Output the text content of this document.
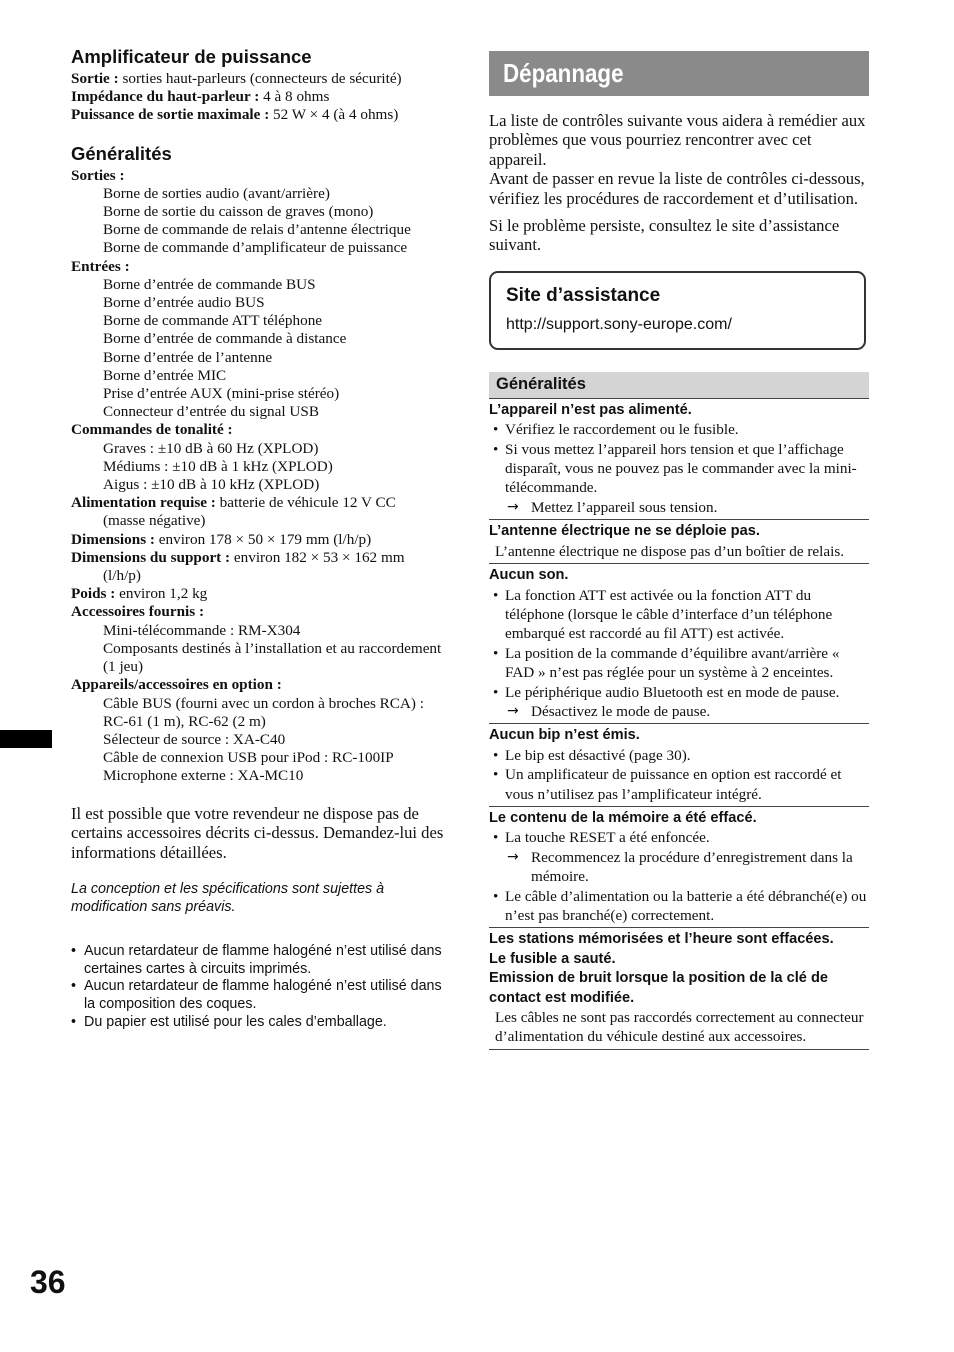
Amplificateur de puissance
Sortie : sorties haut-parleurs (connecteurs de sécurité)
Impédance du haut-parleur : 4 à 8 ohms
Puissance de sortie maximale : 52 W × 4 (à 4 ohms)
Généralités
Sorties :
Borne de sorties audio (avant/arrière)
Borne de sortie du caisson de graves (mono)
Borne de commande de relais d’antenne électrique
Borne de commande d’amplificateur de puissance
Entrées :
Borne d’entrée de commande BUS
Borne d’entrée audio BUS
Borne de commande ATT téléphone
Borne d’entrée de commande à distance
Borne d’entrée de l’antenne
Borne d’entrée MIC
Prise d’entrée AUX (mini-prise stéréo)
Connecteur d’entrée du signal USB
Commandes de tonalité :
Graves : ±10 dB à 60 Hz (XPLOD)
Médiums : ±10 dB à 1 kHz (XPLOD)
Aigus : ±10 dB à 10 kHz (XPLOD)
Alimentation requise : batterie de véhicule 12 V CC
(masse négative)
Dimensions : environ 178 × 50 × 179 mm (l/h/p)
Dimensions du support : environ 182 × 53 × 162 mm
(l/h/p)
Poids : environ 1,2 kg
Accessoires fournis :
Mini-télécommande : RM-X304
Composants destinés à l’installation et au raccordement (1 jeu)
Appareils/accessoires en option :
Câble BUS (fourni avec un cordon à broches RCA) : RC-61 (1 m), RC-62 (2 m)
Sélecteur de source : XA-C40
Câble de connexion USB pour iPod : RC-100IP
Microphone externe : XA-MC10
Il est possible que votre revendeur ne dispose pas de certains accessoires décrits ci-dessus. Demandez-lui des informations détaillées.
La conception et les spécifications sont sujettes à modification sans préavis.
• Aucun retardateur de flamme halogéné n’est utilisé dans certaines cartes à circuits imprimés.
• Aucun retardateur de flamme halogéné n’est utilisé dans la composition des coques.
• Du papier est utilisé pour les cales d’emballage.
36
Dépannage
La liste de contrôles suivante vous aidera à remédier aux problèmes que vous pourriez rencontrer avec cet appareil.
Avant de passer en revue la liste de contrôles ci-dessous, vérifiez les procédures de raccordement et d’utilisation.
Si le problème persiste, consultez le site d’assistance suivant.
Site d’assistance
http://support.sony-europe.com/
Généralités
L’appareil n’est pas alimenté.
• Vérifiez le raccordement ou le fusible.
• Si vous mettez l’appareil hors tension et que l’affichage disparaît, vous ne pouvez pas le commander avec la mini-télécommande.
→ Mettez l’appareil sous tension.
L’antenne électrique ne se déploie pas.
L’antenne électrique ne dispose pas d’un boîtier de relais.
Aucun son.
• La fonction ATT est activée ou la fonction ATT du téléphone (lorsque le câble d’interface d’un téléphone embarqué est raccordé au fil ATT) est activée.
• La position de la commande d’équilibre avant/arrière « FAD » n’est pas réglée pour un système à 2 enceintes.
• Le périphérique audio Bluetooth est en mode de pause.
→ Désactivez le mode de pause.
Aucun bip n’est émis.
• Le bip est désactivé (page 30).
• Un amplificateur de puissance en option est raccordé et vous n’utilisez pas l’amplificateur intégré.
Le contenu de la mémoire a été effacé.
• La touche RESET a été enfoncée.
→ Recommencez la procédure d’enregistrement dans la mémoire.
• Le câble d’alimentation ou la batterie a été débranché(e) ou n’est pas branché(e) correctement.
Les stations mémorisées et l’heure sont effacées.
Le fusible a sauté.
Emission de bruit lorsque la position de la clé de contact est modifiée.
Les câbles ne sont pas raccordés correctement au connecteur d’alimentation du véhicule destiné aux accessoires.
